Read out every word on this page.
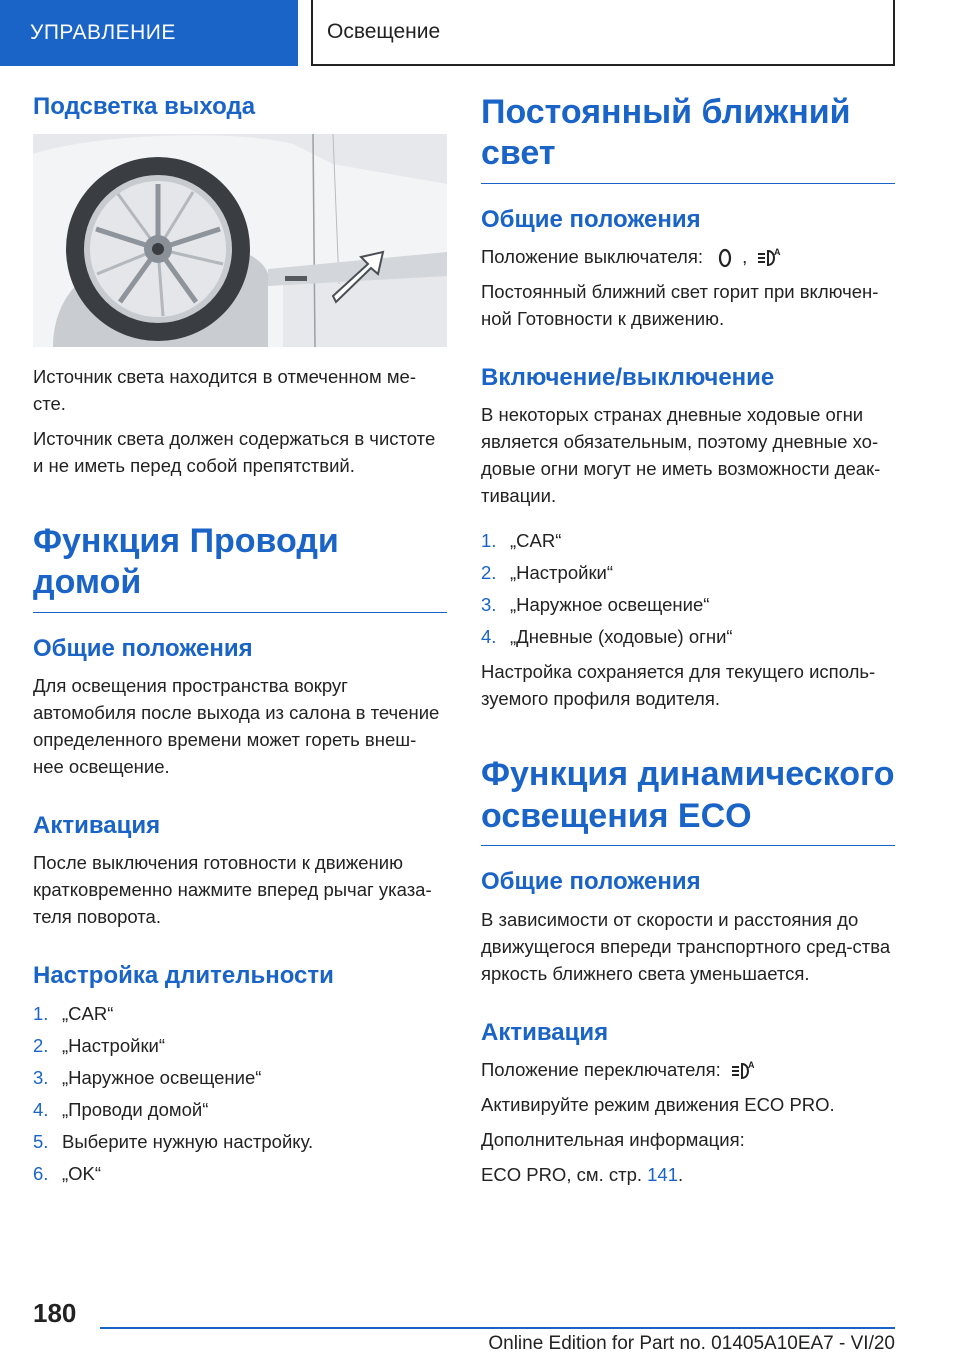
УПРАВЛЕНИЕ	Освещение
Подсветка выхода

Источник света находится в отмеченном ме-сте.

Источник света должен содержаться в чистоте и не иметь перед собой препятствий.

Функция Проводи домой
Общие положения

Для освещения пространства вокруг автомобиля после выхода из салона в течение определенного времени может гореть внеш-нее освещение.

Активация

После выключения готовности к движению кратковременно нажмите вперед рычаг указа-теля поворота.

Настройка длительности
1. „CAR“
2. „Настройки“
3. „Наружное освещение“
4. „Проводи домой“
5. Выберите нужную настройку.
6. „OK“
Постоянный ближний свет
Общие положения

Положение выключателя: ,	A

Постоянный ближний свет горит при включен-ной Готовности к движению.

Включение/выключение

В некоторых странах дневные ходовые огни является обязательным, поэтому дневные хо-довые огни могут не иметь возможности деак-тивации.

1. „CAR“
2. „Настройки“
3. „Наружное освещение“
4. „Дневные (ходовые) огни“

Настройка сохраняется для текущего исполь-зуемого профиля водителя.

Функция динамического освещения ECO
Общие положения

В зависимости от скорости и расстояния до движущегося впереди транспортного сред-ства яркость ближнего света уменьшается.

Активация

Положение переключателя:	A

Активируйте режим движения ECO PRO.

Дополнительная информация:

ECO PRO, см. стр. 141.

180
Online Edition for Part no. 01405A10EA7 - VI/20
